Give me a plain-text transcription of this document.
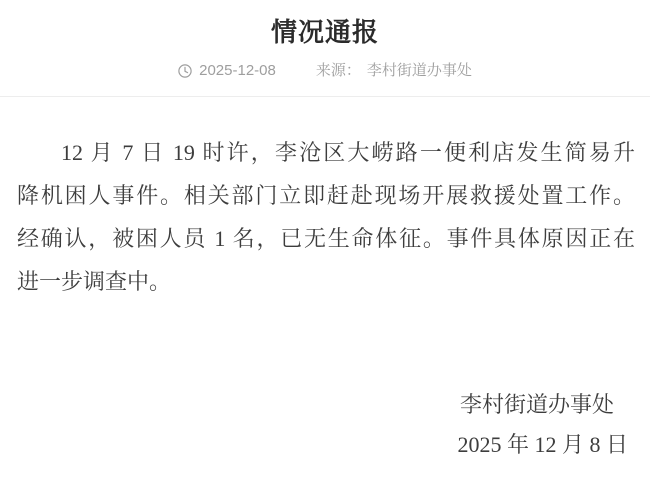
情况通报
2025-12-08	来源： 李村街道办事处
12 月 7 日 19 时许，李沧区大崂路一便利店发生简易升
降机困人事件。相关部门立即赶赴现场开展救援处置工作。
经确认，被困人员 1 名，已无生命体征。事件具体原因正在
进一步调查中。
李村街道办事处
2025 年 12 月 8 日
